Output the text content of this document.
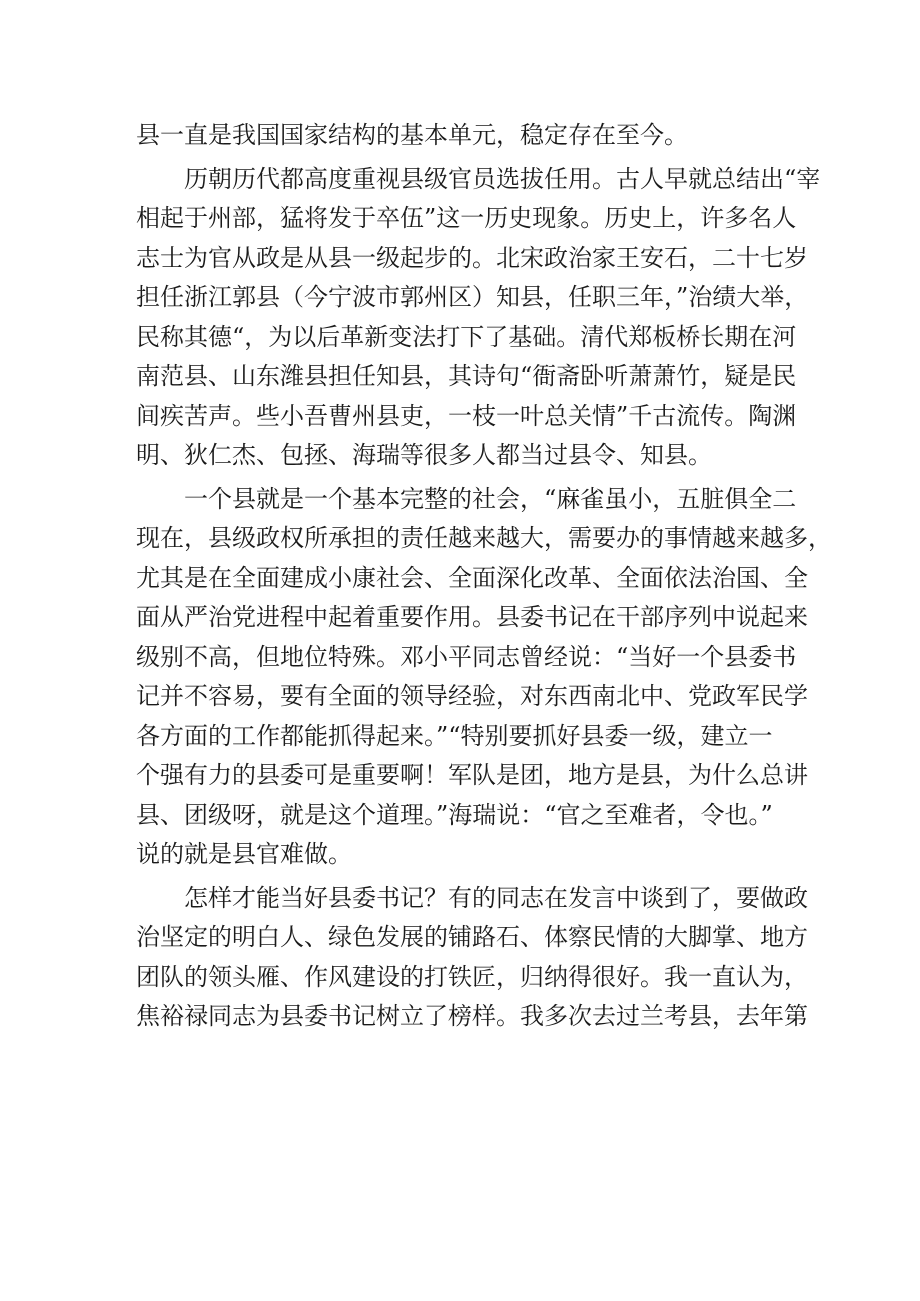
县一直是我国国家结构的基本单元，稳定存在至今。
历朝历代都高度重视县级官员选拔任用。古人早就总结出“宰
相起于州部，猛将发于卒伍”这一历史现象。历史上，许多名人
志士为官从政是从县一级起步的。北宋政治家王安石，二十七岁
担任浙江郭县（今宁波市郭州区）知县，任职三年，”治绩大举，
民称其德“，为以后革新变法打下了基础。清代郑板桥长期在河
南范县、山东潍县担任知县，其诗句“衙斋卧听萧萧竹，疑是民
间疾苦声。些小吾曹州县吏，一枝一叶总关情”千古流传。陶渊
明、狄仁杰、包拯、海瑞等很多人都当过县令、知县。
一个县就是一个基本完整的社会，“麻雀虽小，五脏俱全二
现在，县级政权所承担的责任越来越大，需要办的事情越来越多，
尤其是在全面建成小康社会、全面深化改革、全面依法治国、全
面从严治党进程中起着重要作用。县委书记在干部序列中说起来
级别不高，但地位特殊。邓小平同志曾经说：“当好一个县委书
记并不容易，要有全面的领导经验，对东西南北中、党政军民学
各方面的工作都能抓得起来。”“特别要抓好县委一级，建立一
个强有力的县委可是重要啊！军队是团，地方是县，为什么总讲
县、团级呀，就是这个道理。”海瑞说：“官之至难者，令也。”
说的就是县官难做。
怎样才能当好县委书记？有的同志在发言中谈到了，要做政
治坚定的明白人、绿色发展的铺路石、体察民情的大脚掌、地方
团队的领头雁、作风建设的打铁匠，归纳得很好。我一直认为，
焦裕禄同志为县委书记树立了榜样。我多次去过兰考县，去年第
